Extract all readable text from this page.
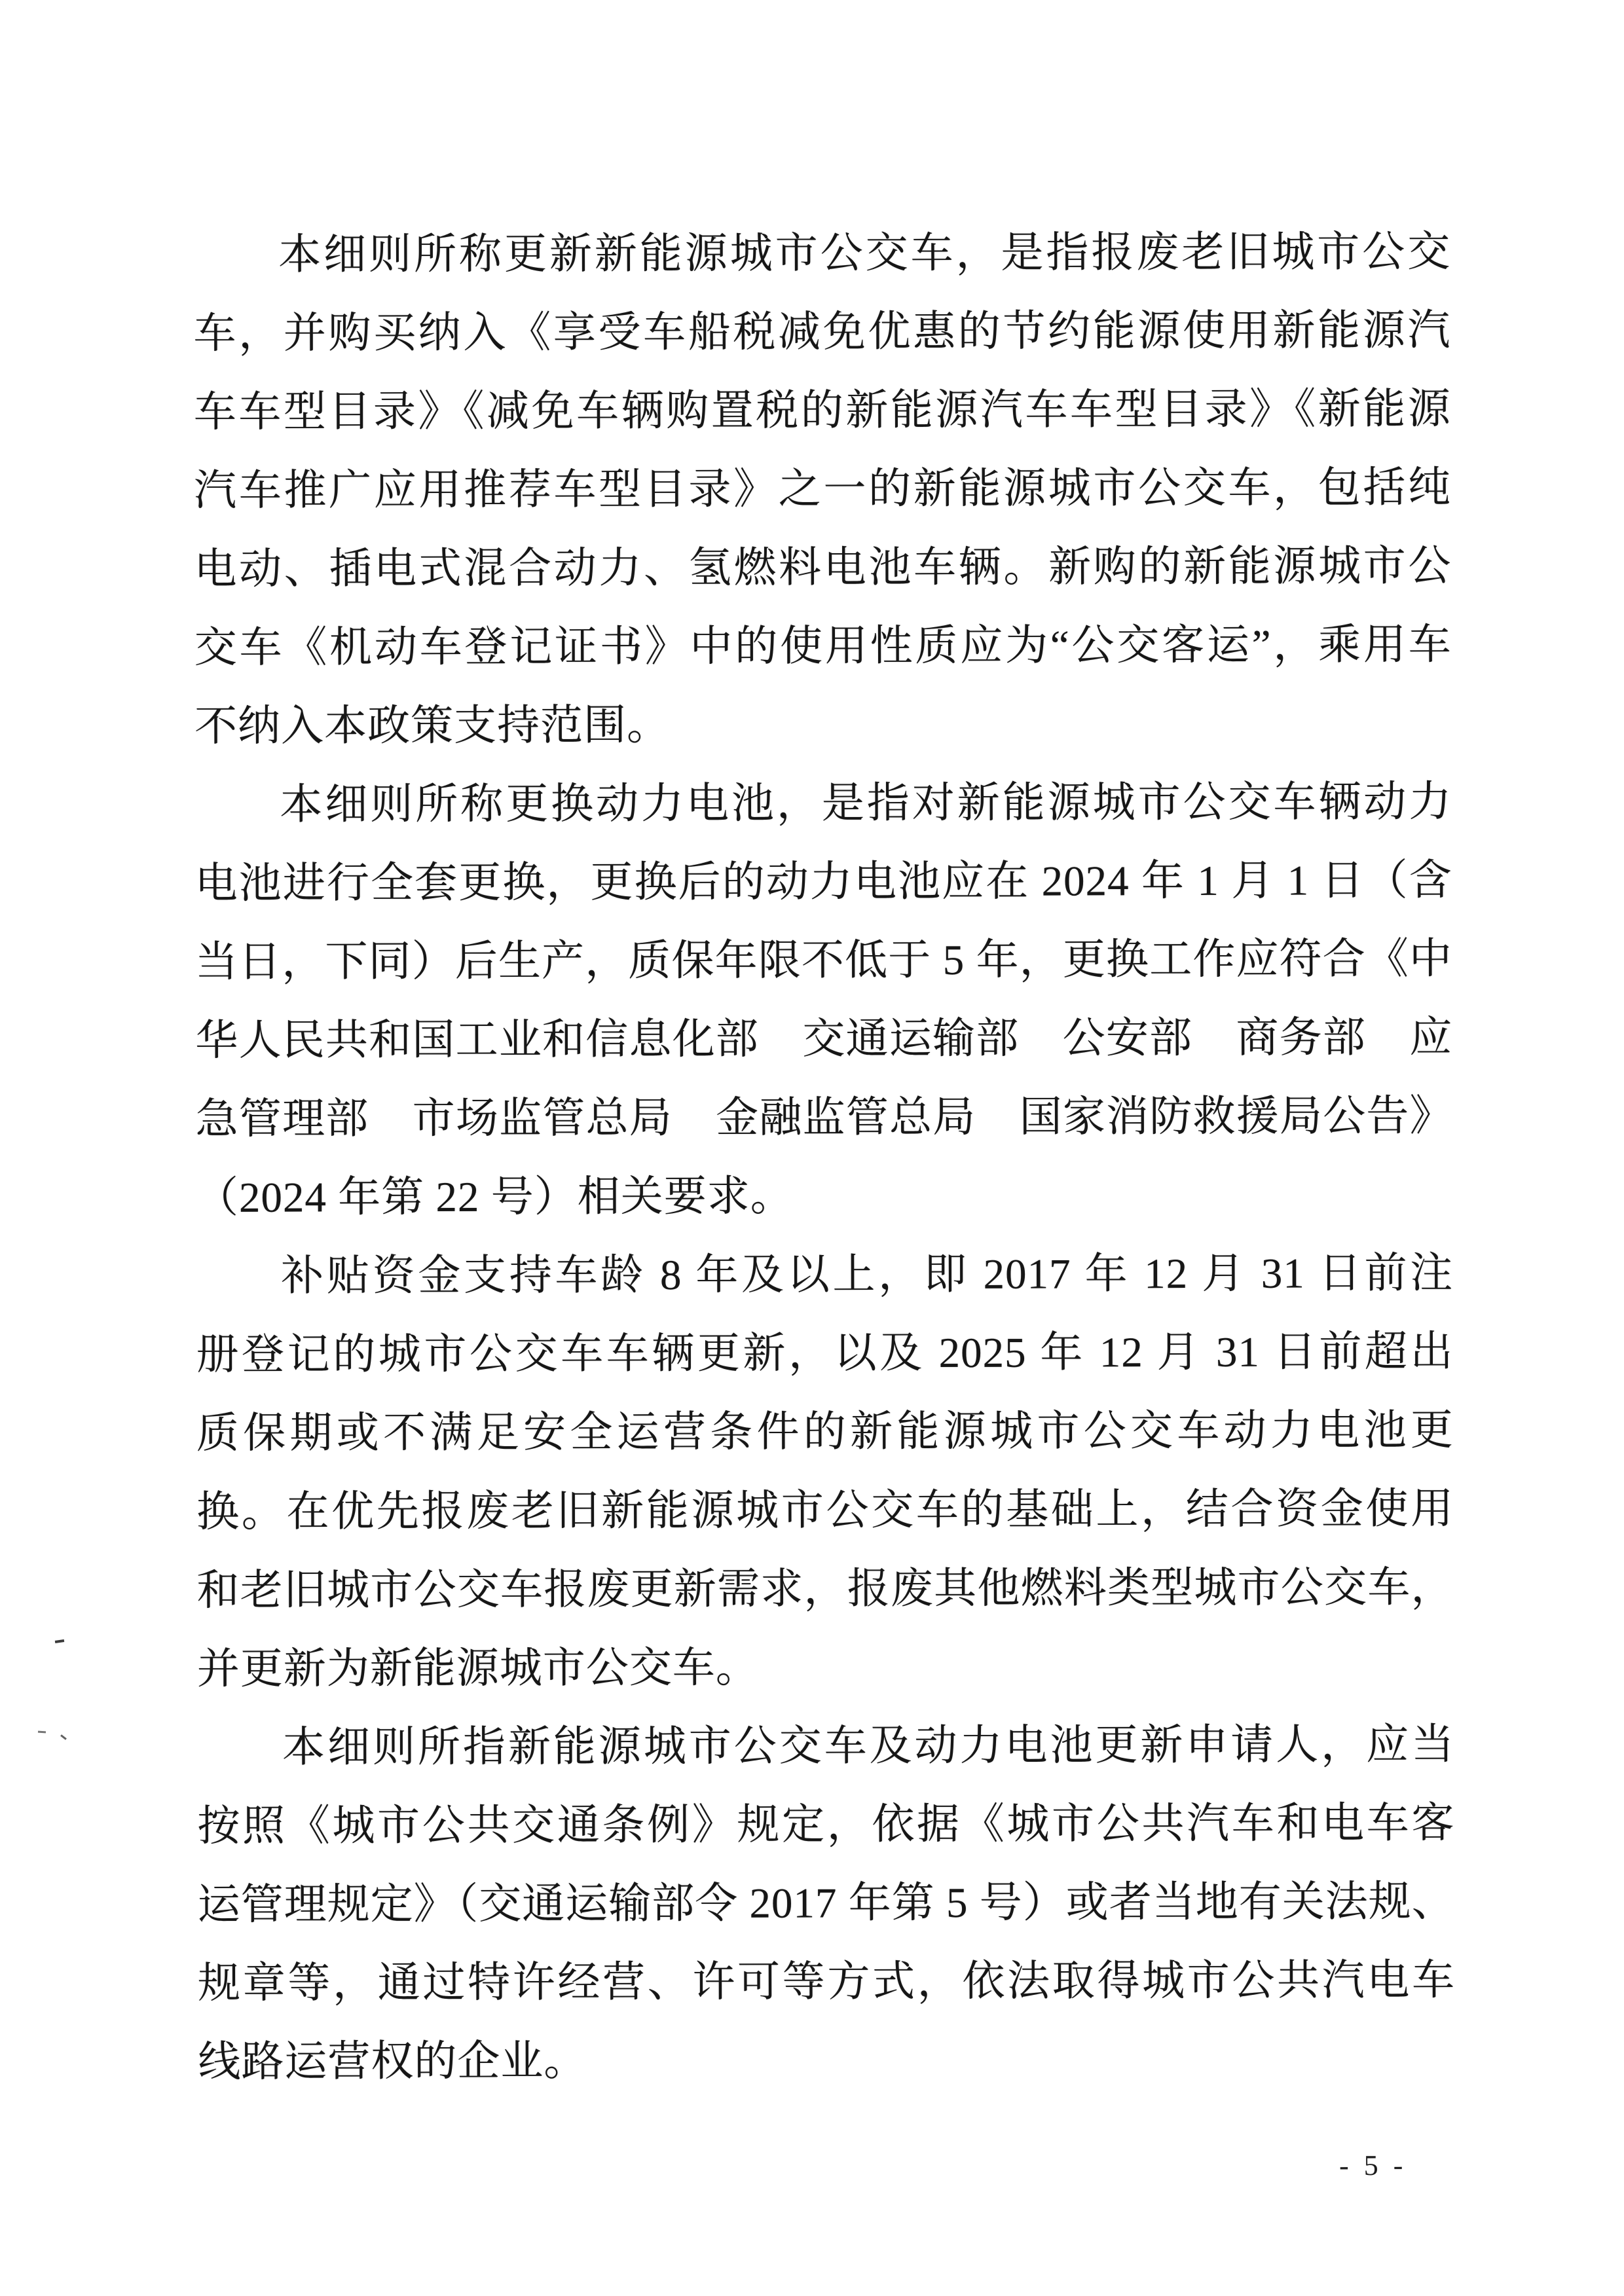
本细则所称更新新能源城市公交车，是指报废老旧城市公交
车，并购买纳入《享受车船税减免优惠的节约能源使用新能源汽
车车型目录》《减免车辆购置税的新能源汽车车型目录》《新能源
汽车推广应用推荐车型目录》之一的新能源城市公交车，包括纯
电动、插电式混合动力、氢燃料电池车辆。新购的新能源城市公
交车《机动车登记证书》中的使用性质应为“公交客运”，乘用车
不纳入本政策支持范围。
本细则所称更换动力电池，是指对新能源城市公交车辆动力
电池进行全套更换，更换后的动力电池应在 2024 年 1 月 1 日（含
当日，下同）后生产，质保年限不低于 5 年，更换工作应符合《中
华人民共和国工业和信息化部　交通运输部　公安部　商务部　应
急管理部　市场监管总局　金融监管总局　国家消防救援局公告》
（2024 年第 22 号）相关要求。
补贴资金支持车龄 8 年及以上，即 2017 年 12 月 31 日前注
册登记的城市公交车车辆更新，以及 2025 年 12 月 31 日前超出
质保期或不满足安全运营条件的新能源城市公交车动力电池更
换。在优先报废老旧新能源城市公交车的基础上，结合资金使用
和老旧城市公交车报废更新需求，报废其他燃料类型城市公交车，
并更新为新能源城市公交车。
本细则所指新能源城市公交车及动力电池更新申请人，应当
按照《城市公共交通条例》规定，依据《城市公共汽车和电车客
运管理规定》（交通运输部令 2017 年第 5 号）或者当地有关法规、
规章等，通过特许经营、许可等方式，依法取得城市公共汽电车
线路运营权的企业。
- 5 -
